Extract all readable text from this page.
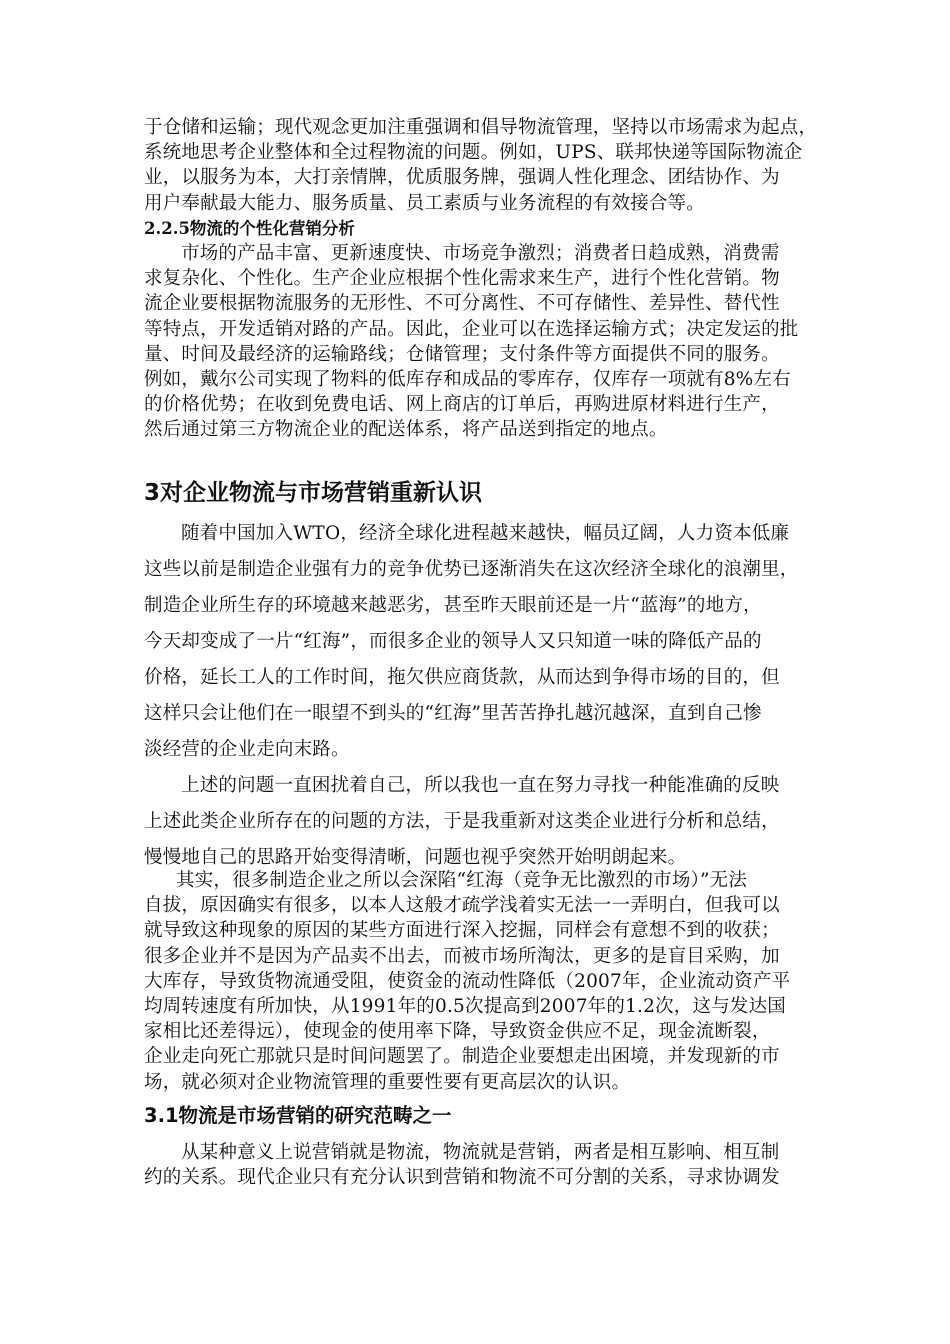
于仓储和运输；现代观念更加注重强调和倡导物流管理，坚持以市场需求为起点，
系统地思考企业整体和全过程物流的问题。例如，UPS、联邦快递等国际物流企
业，以服务为本，大打亲情牌，优质服务牌，强调人性化理念、团结协作、为
用户奉献最大能力、服务质量、员工素质与业务流程的有效接合等。

2.2.5物流的个性化营销分析

市场的产品丰富、更新速度快、市场竞争激烈；消费者日趋成熟，消费需
求复杂化、个性化。生产企业应根据个性化需求来生产，进行个性化营销。物
流企业要根据物流服务的无形性、不可分离性、不可存储性、差异性、替代性
等特点，开发适销对路的产品。因此，企业可以在选择运输方式；决定发运的批
量、时间及最经济的运输路线；仓储管理；支付条件等方面提供不同的服务。
例如，戴尔公司实现了物料的低库存和成品的零库存，仅库存一项就有8%左右
的价格优势；在收到免费电话、网上商店的订单后，再购进原材料进行生产，
然后通过第三方物流企业的配送体系，将产品送到指定的地点。

3对企业物流与市场营销重新认识

随着中国加入WTO，经济全球化进程越来越快，幅员辽阔，人力资本低廉
这些以前是制造企业强有力的竞争优势已逐渐消失在这次经济全球化的浪潮里，
制造企业所生存的环境越来越恶劣，甚至昨天眼前还是一片“蓝海”的地方，
今天却变成了一片“红海”，而很多企业的领导人又只知道一味的降低产品的
价格，延长工人的工作时间，拖欠供应商货款，从而达到争得市场的目的，但
这样只会让他们在一眼望不到头的“红海”里苦苦挣扎越沉越深，直到自己惨
淡经营的企业走向末路。

上述的问题一直困扰着自己，所以我也一直在努力寻找一种能准确的反映
上述此类企业所存在的问题的方法，于是我重新对这类企业进行分析和总结，
慢慢地自己的思路开始变得清晰，问题也视乎突然开始明朗起来。

其实，很多制造企业之所以会深陷“红海（竞争无比激烈的市场）”无法
自拔，原因确实有很多，以本人这般才疏学浅着实无法一一弄明白，但我可以
就导致这种现象的原因的某些方面进行深入挖掘，同样会有意想不到的收获；
很多企业并不是因为产品卖不出去，而被市场所淘汰，更多的是盲目采购，加
大库存，导致货物流通受阻，使资金的流动性降低（2007年，企业流动资产平
均周转速度有所加快，从1991年的0.5次提高到2007年的1.2次，这与发达国
家相比还差得远），使现金的使用率下降，导致资金供应不足，现金流断裂，
企业走向死亡那就只是时间问题罢了。制造企业要想走出困境，并发现新的市
场，就必须对企业物流管理的重要性要有更高层次的认识。

3.1物流是市场营销的研究范畴之一

从某种意义上说营销就是物流，物流就是营销，两者是相互影响、相互制
约的关系。现代企业只有充分认识到营销和物流不可分割的关系，寻求协调发
